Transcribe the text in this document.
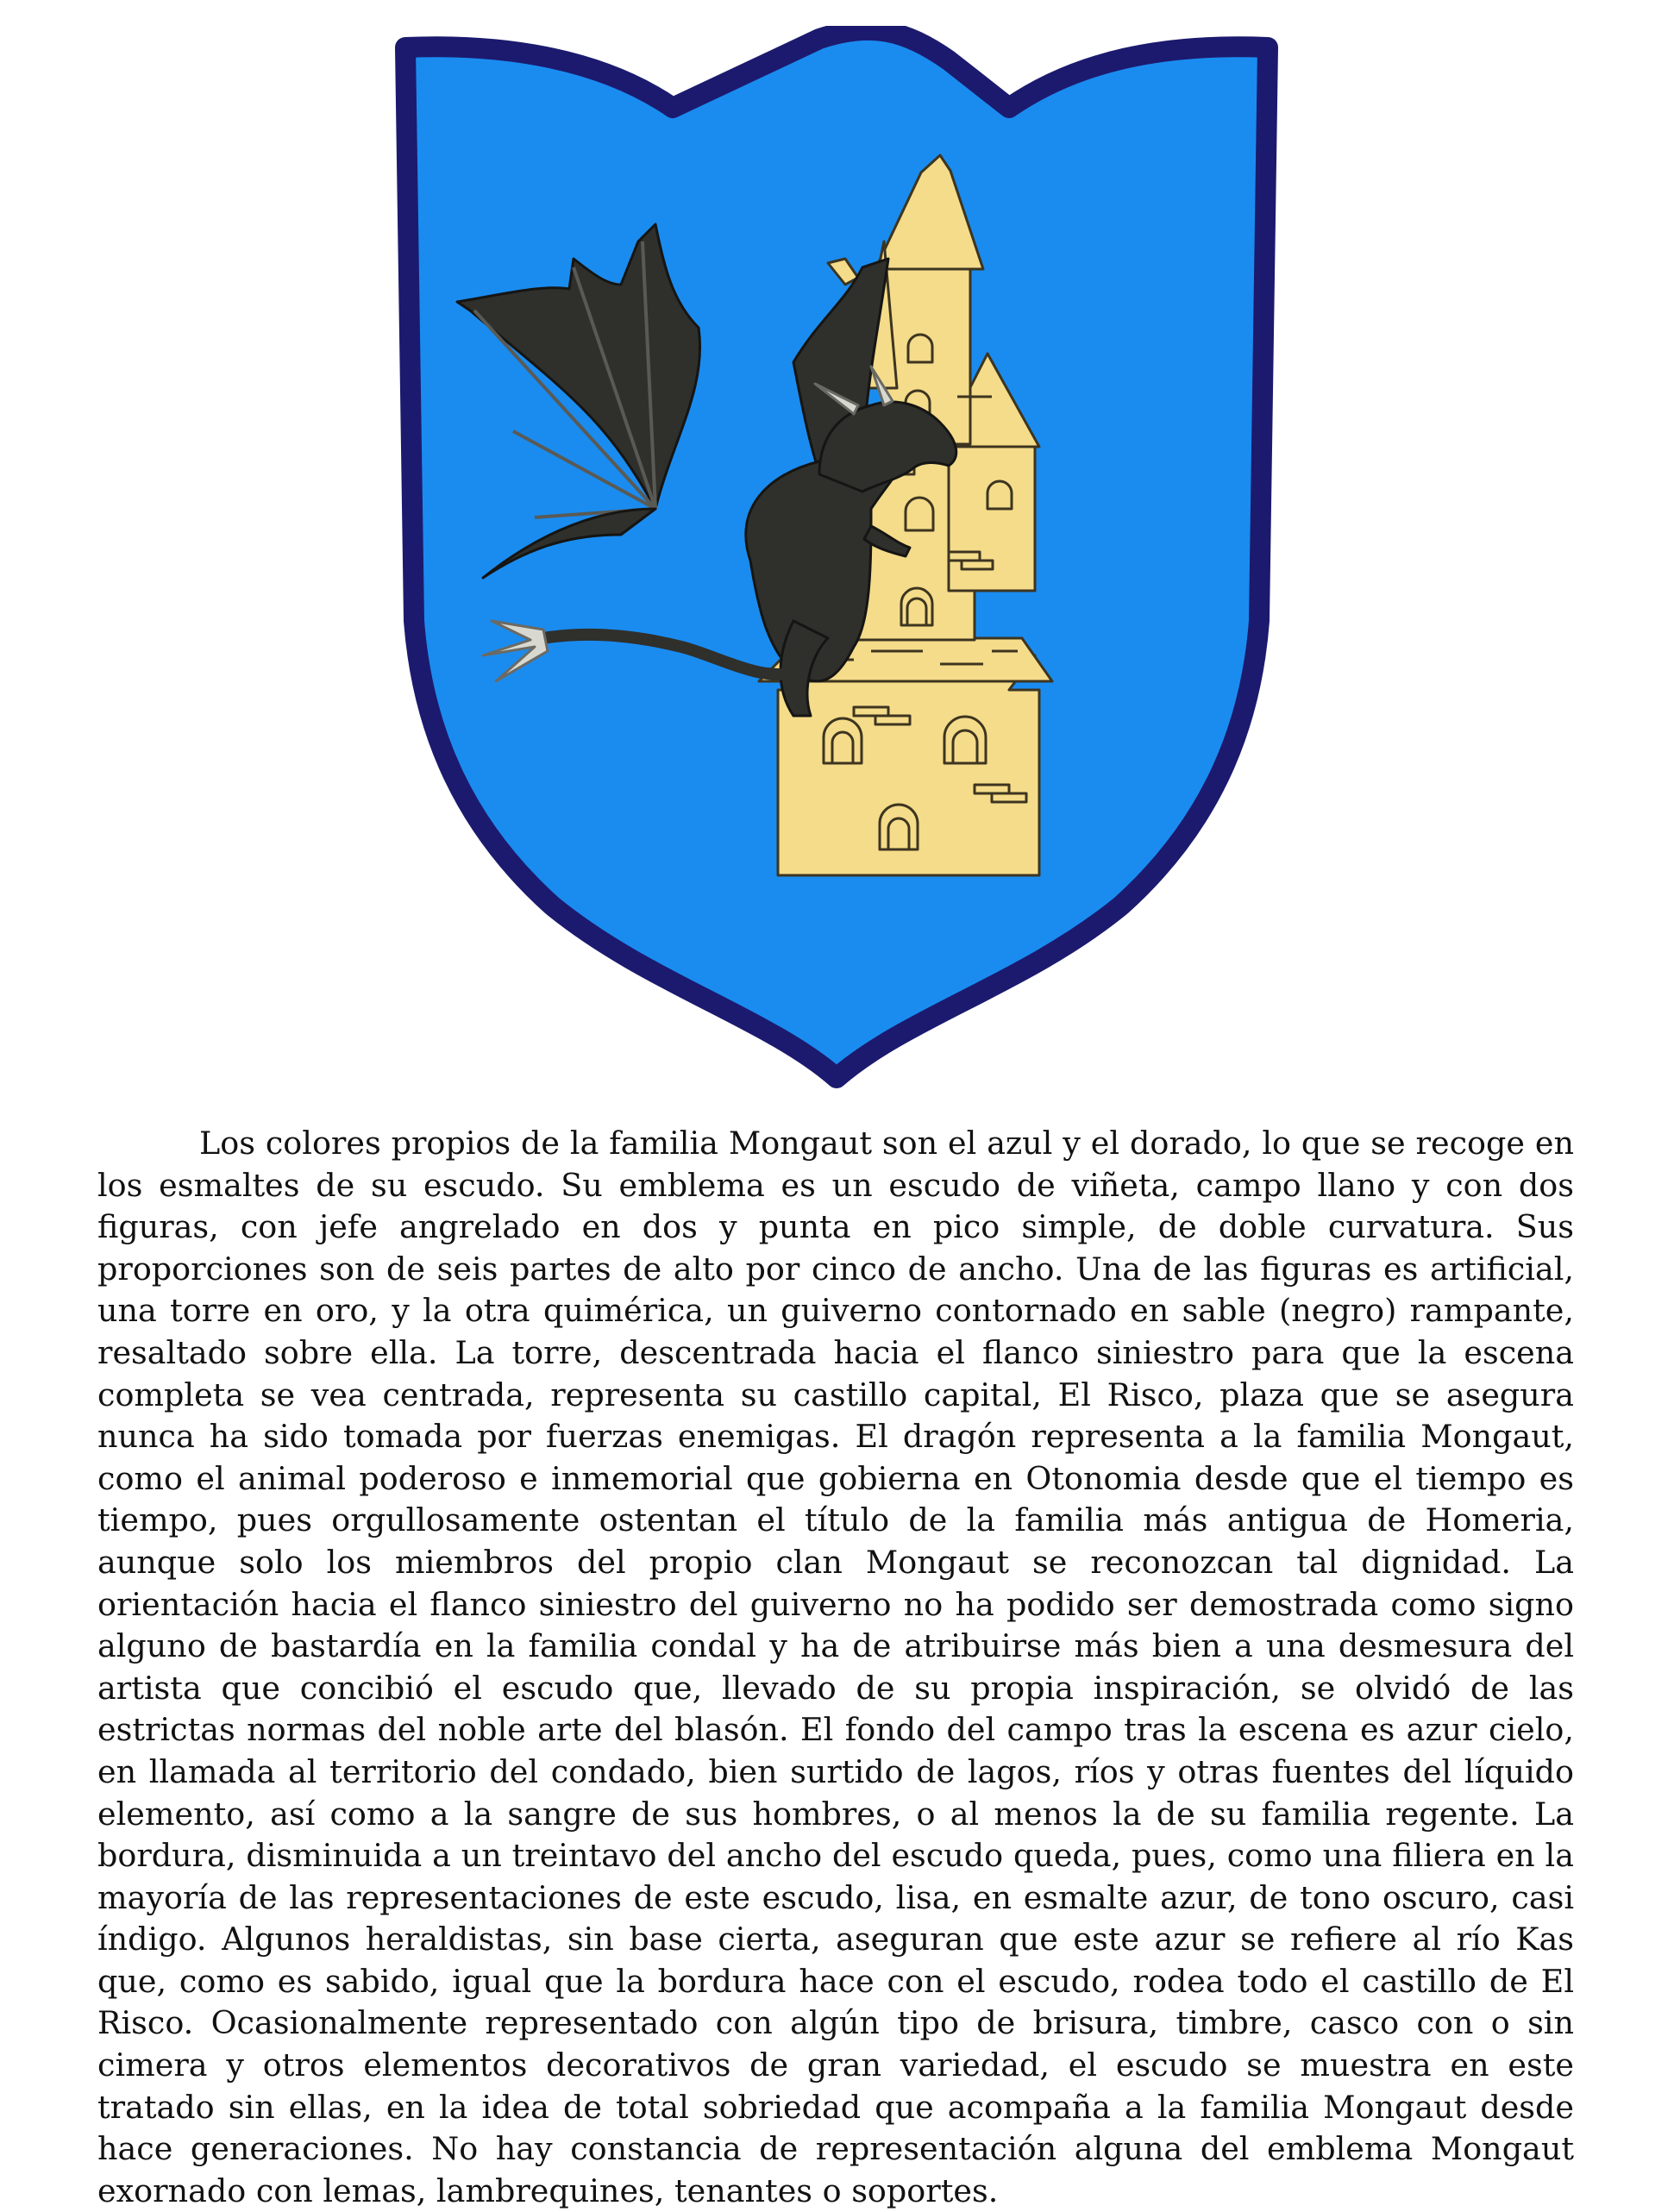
Los colores propios de la familia Mongaut son el azul y el dorado, lo que se recoge en los esmaltes de su escudo. Su emblema es un escudo de viñeta, campo llano y con dos figuras, con jefe angrelado en dos y punta en pico simple, de doble curvatura. Sus proporciones son de seis partes de alto por cinco de ancho. Una de las figuras es artificial, una torre en oro, y la otra quimérica, un guiverno contornado en sable (negro) rampante, resaltado sobre ella. La torre, descentrada hacia el flanco siniestro para que la escena completa se vea centrada, representa su castillo capital, El Risco, plaza que se asegura nunca ha sido tomada por fuerzas enemigas. El dragón representa a la familia Mongaut, como el animal poderoso e inmemorial que gobierna en Otonomia desde que el tiempo es tiempo, pues orgullosamente ostentan el título de la familia más antigua de Homeria, aunque solo los miembros del propio clan Mongaut se reconozcan tal dignidad. La orientación hacia el flanco siniestro del guiverno no ha podido ser demostrada como signo alguno de bastardía en la familia condal y ha de atribuirse más bien a una desmesura del artista que concibió el escudo que, llevado de su propia inspiración, se olvidó de las estrictas normas del noble arte del blasón. El fondo del campo tras la escena es azur cielo, en llamada al territorio del condado, bien surtido de lagos, ríos y otras fuentes del líquido elemento, así como a la sangre de sus hombres, o al menos la de su familia regente. La bordura, disminuida a un treintavo del ancho del escudo queda, pues, como una filiera en la mayoría de las representaciones de este escudo, lisa, en esmalte azur, de tono oscuro, casi índigo. Algunos heraldistas, sin base cierta, aseguran que este azur se refiere al río Kas que, como es sabido, igual que la bordura hace con el escudo, rodea todo el castillo de El Risco. Ocasionalmente representado con algún tipo de brisura, timbre, casco con o sin cimera y otros elementos decorativos de gran variedad, el escudo se muestra en este tratado sin ellas, en la idea de total sobriedad que acompaña a la familia Mongaut desde hace generaciones. No hay constancia de representación alguna del emblema Mongaut exornado con lemas, lambrequines, tenantes o soportes.
